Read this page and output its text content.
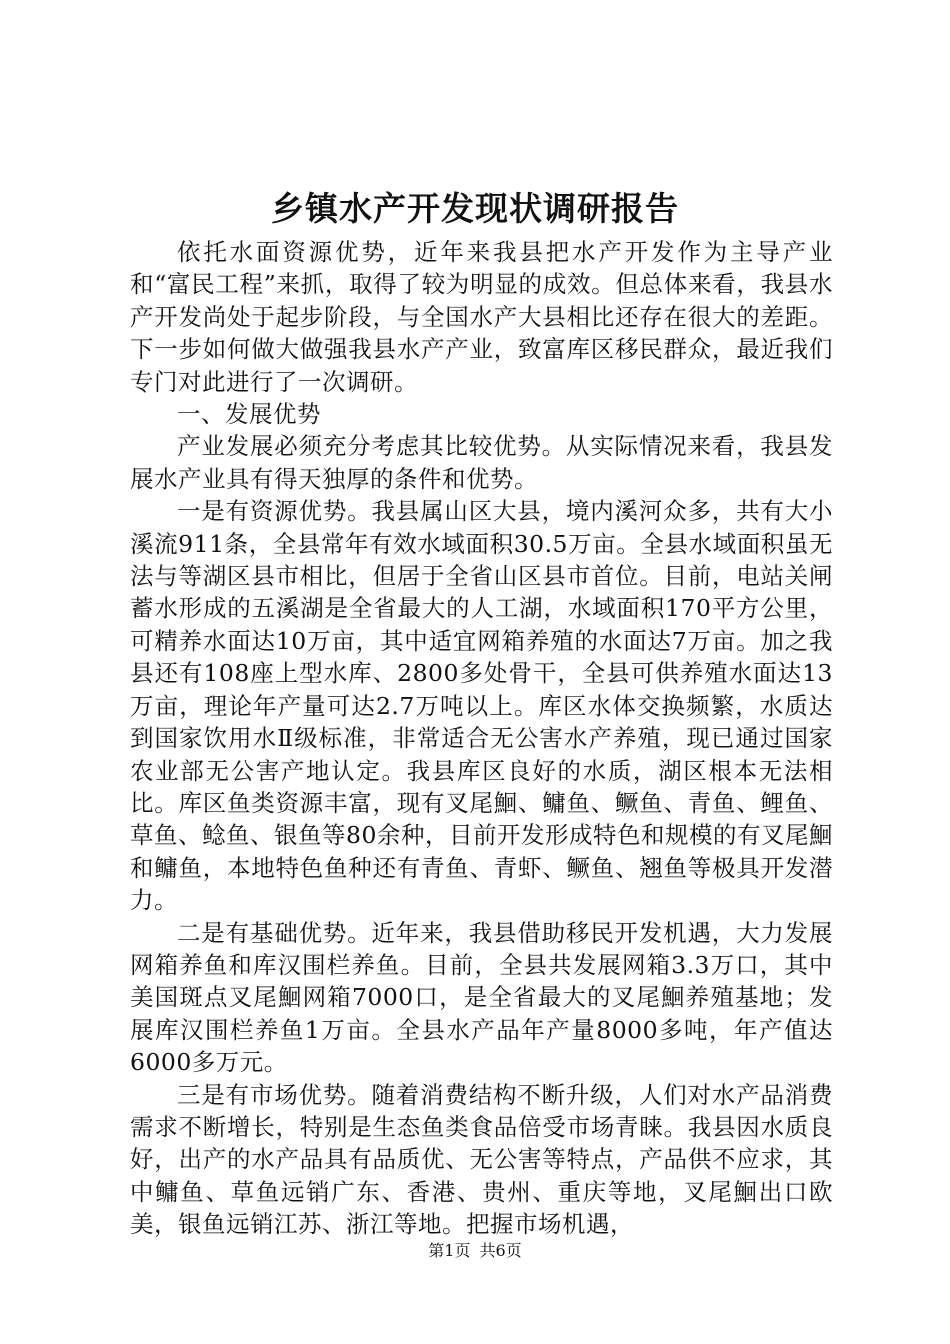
乡镇水产开发现状调研报告

依托水面资源优势，近年来我县把水产开发作为主导产业和“富民工程”来抓，取得了较为明显的成效。但总体来看，我县水产开发尚处于起步阶段，与全国水产大县相比还存在很大的差距。下一步如何做大做强我县水产产业，致富库区移民群众，最近我们专门对此进行了一次调研。

一、发展优势

产业发展必须充分考虑其比较优势。从实际情况来看，我县发展水产业具有得天独厚的条件和优势。

一是有资源优势。我县属山区大县，境内溪河众多，共有大小溪流911条，全县常年有效水域面积30.5万亩。全县水域面积虽无法与等湖区县市相比，但居于全省山区县市首位。目前，电站关闸蓄水形成的五溪湖是全省最大的人工湖，水域面积170平方公里，可精养水面达10万亩，其中适宜网箱养殖的水面达7万亩。加之我县还有108座上型水库、2800多处骨干，全县可供养殖水面达13万亩，理论年产量可达2.7万吨以上。库区水体交换频繁，水质达到国家饮用水Ⅱ级标准，非常适合无公害水产养殖，现已通过国家农业部无公害产地认定。我县库区良好的水质，湖区根本无法相比。库区鱼类资源丰富，现有叉尾鮰、鳙鱼、鳜鱼、青鱼、鲤鱼、草鱼、鲶鱼、银鱼等80余种，目前开发形成特色和规模的有叉尾鮰和鳙鱼，本地特色鱼种还有青鱼、青虾、鳜鱼、翘鱼等极具开发潜力。

二是有基础优势。近年来，我县借助移民开发机遇，大力发展网箱养鱼和库汉围栏养鱼。目前，全县共发展网箱3.3万口，其中美国斑点叉尾鮰网箱7000口，是全省最大的叉尾鮰养殖基地；发展库汉围栏养鱼1万亩。全县水产品年产量8000多吨，年产值达6000多万元。

三是有市场优势。随着消费结构不断升级，人们对水产品消费需求不断增长，特别是生态鱼类食品倍受市场青睐。我县因水质良好，出产的水产品具有品质优、无公害等特点，产品供不应求，其中鳙鱼、草鱼远销广东、香港、贵州、重庆等地，叉尾鮰出口欧美，银鱼远销江苏、浙江等地。把握市场机遇，

第1页 共6页
